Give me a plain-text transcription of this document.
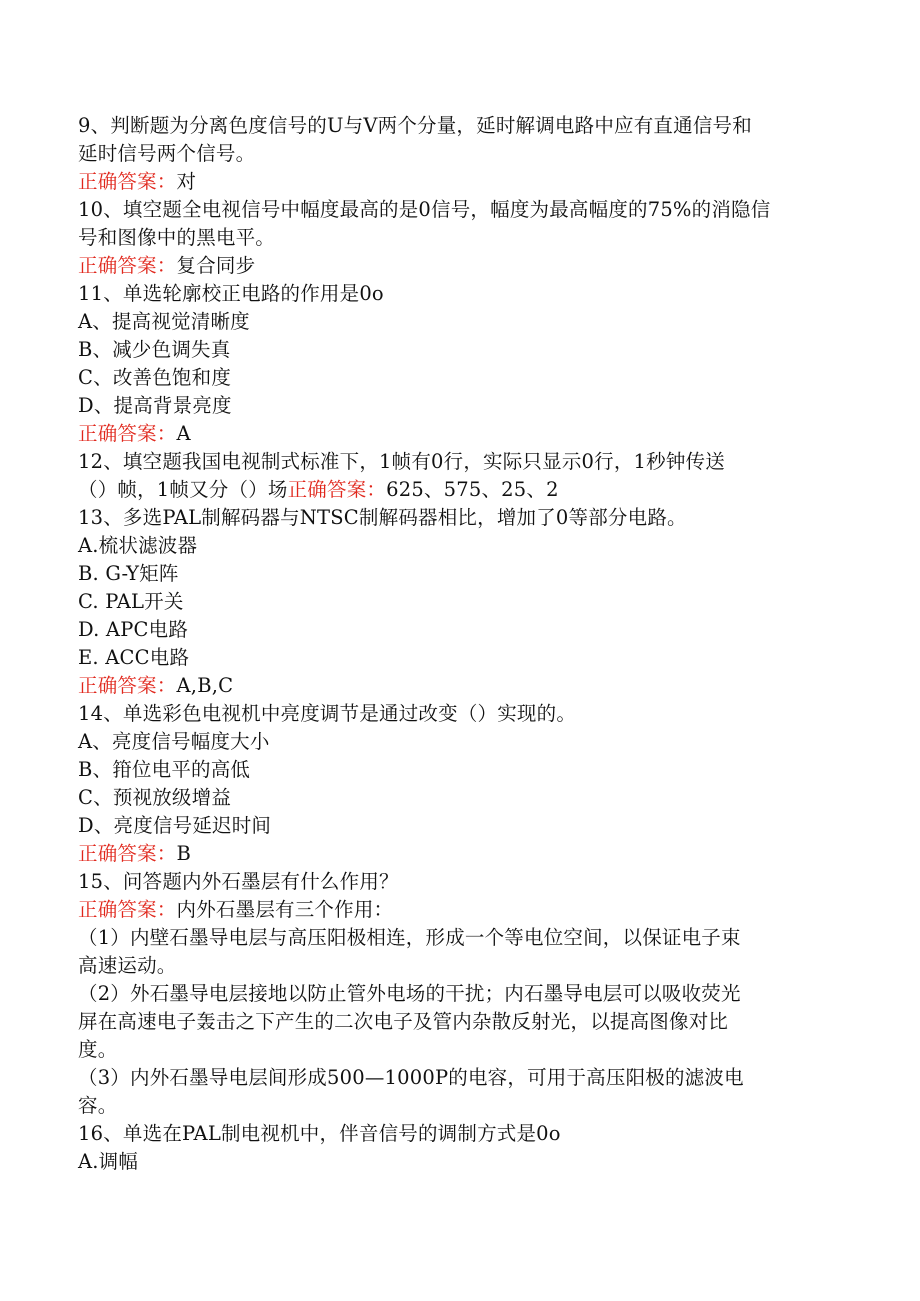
9、判断题为分离色度信号的U与V两个分量，延时解调电路中应有直通信号和
延时信号两个信号。
正确答案：对
10、填空题全电视信号中幅度最高的是0信号，幅度为最高幅度的75%的消隐信
号和图像中的黑电平。
正确答案：复合同步
11、单选轮廓校正电路的作用是0o
A、提高视觉清晰度
B、减少色调失真
C、改善色饱和度
D、提高背景亮度
正确答案：A
12、填空题我国电视制式标准下，1帧有0行，实际只显示0行，1秒钟传送
（）帧，1帧又分（）场正确答案：625、575、25、2
13、多选PAL制解码器与NTSC制解码器相比，增加了0等部分电路。
A.梳状滤波器
B. G-Y矩阵
C. PAL开关
D. APC电路
E. ACC电路
正确答案：A,B,C
14、单选彩色电视机中亮度调节是通过改变（）实现的。
A、亮度信号幅度大小
B、箝位电平的高低
C、预视放级增益
D、亮度信号延迟时间
正确答案：B
15、问答题内外石墨层有什么作用？
正确答案：内外石墨层有三个作用：
（1）内壁石墨导电层与高压阳极相连，形成一个等电位空间，以保证电子束
高速运动。
（2）外石墨导电层接地以防止管外电场的干扰；内石墨导电层可以吸收荧光
屏在高速电子轰击之下产生的二次电子及管内杂散反射光，以提高图像对比
度。
（3）内外石墨导电层间形成500—1000P的电容，可用于高压阳极的滤波电
容。
16、单选在PAL制电视机中，伴音信号的调制方式是0o
A.调幅
